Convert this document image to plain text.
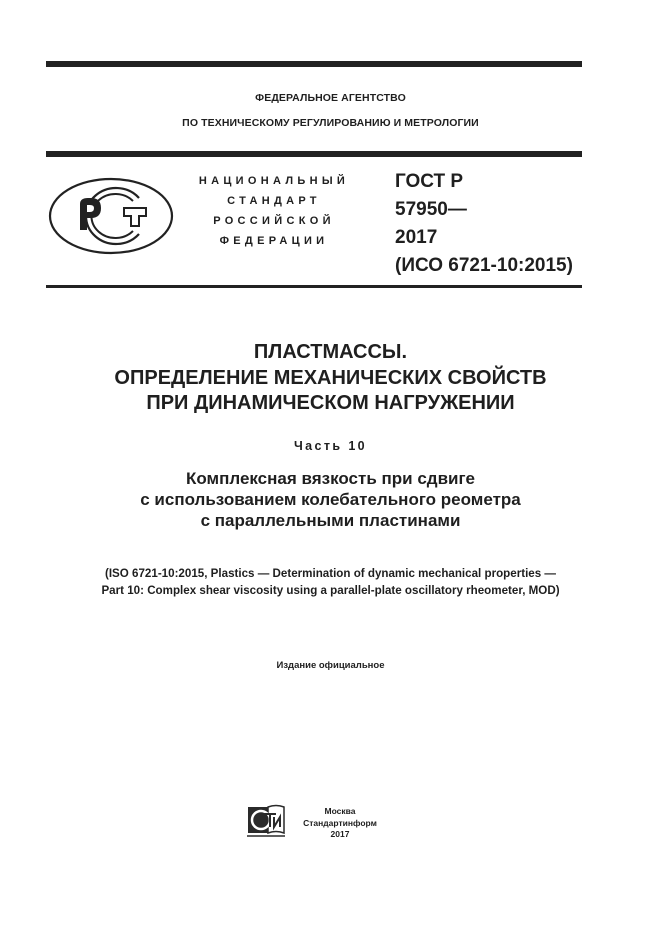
ФЕДЕРАЛЬНОЕ АГЕНТСТВО
ПО ТЕХНИЧЕСКОМУ РЕГУЛИРОВАНИЮ И МЕТРОЛОГИИ
НАЦИОНАЛЬНЫЙ
СТАНДАРТ
РОССИЙСКОЙ
ФЕДЕРАЦИИ
ГОСТ Р
57950—
2017
(ИСО 6721-10:2015)
ПЛАСТМАССЫ.
ОПРЕДЕЛЕНИЕ МЕХАНИЧЕСКИХ СВОЙСТВ
ПРИ ДИНАМИЧЕСКОМ НАГРУЖЕНИИ
Часть 10
Комплексная вязкость при сдвиге
с использованием колебательного реометра
с параллельными пластинами
(ISO 6721-10:2015, Plastics — Determination of dynamic mechanical properties —
Part 10: Complex shear viscosity using a parallel-plate oscillatory rheometer, MOD)
Издание официальное
Москва
Стандартинформ
2017
